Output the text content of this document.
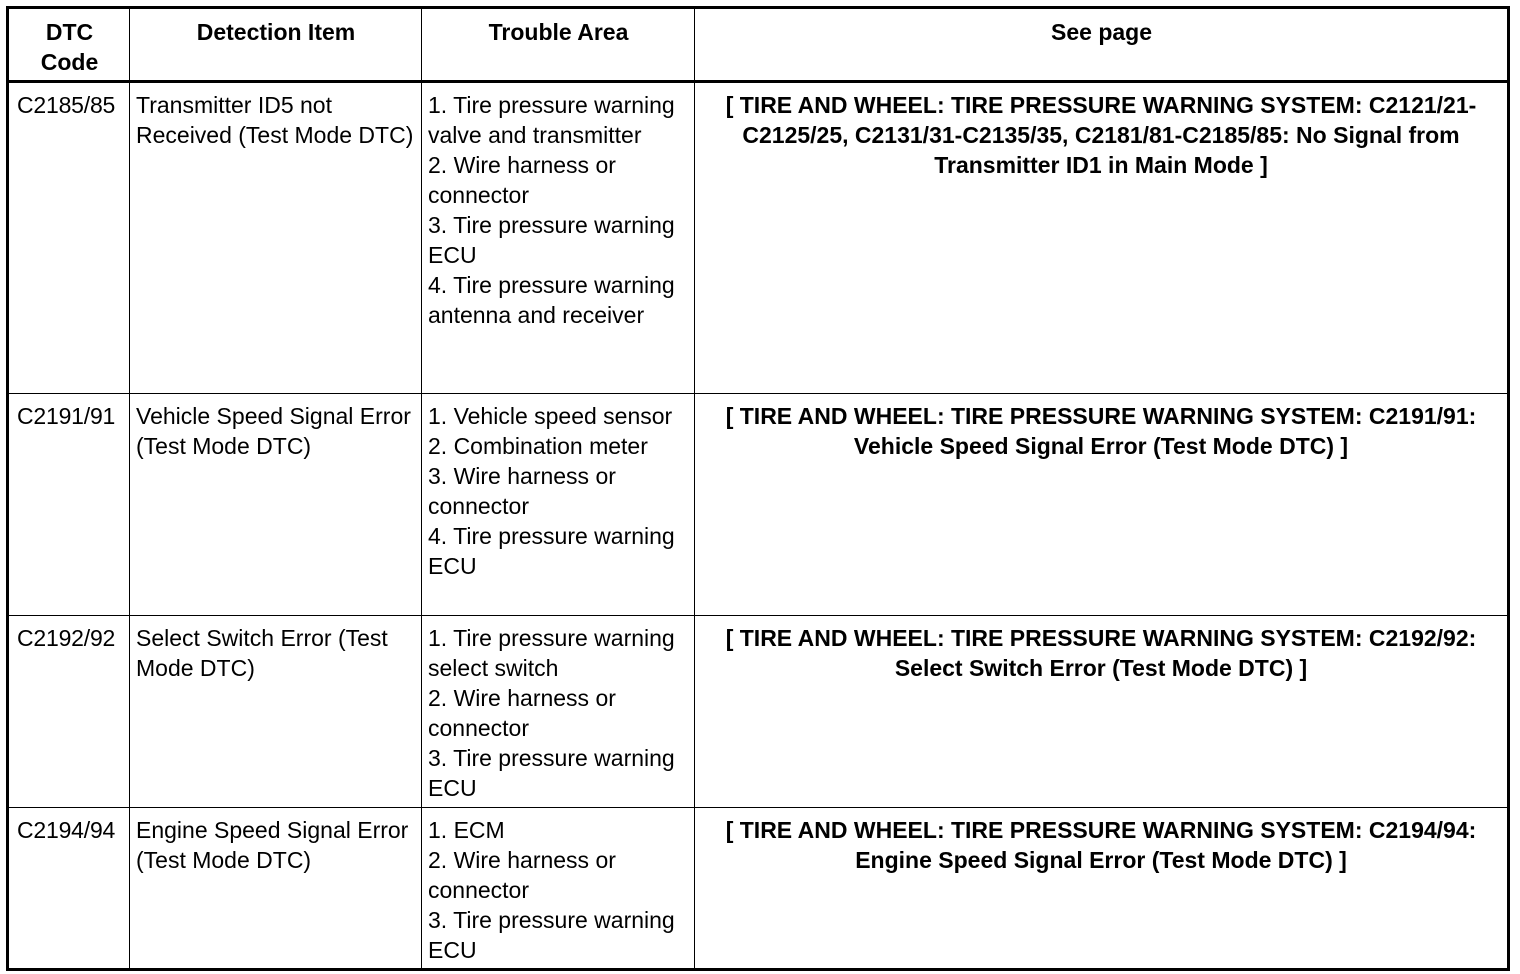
DTC Code	Detection Item	Trouble Area	See page
C2185/85	Transmitter ID5 not Received (Test Mode DTC)	1. Tire pressure warning valve and transmitter
2. Wire harness or connector
3. Tire pressure warning ECU
4. Tire pressure warning antenna and receiver	[ TIRE AND WHEEL: TIRE PRESSURE WARNING SYSTEM: C2121/21-C2125/25, C2131/31-C2135/35, C2181/81-C2185/85: No Signal from Transmitter ID1 in Main Mode ]
C2191/91	Vehicle Speed Signal Error (Test Mode DTC)	1. Vehicle speed sensor
2. Combination meter
3. Wire harness or connector
4. Tire pressure warning ECU	[ TIRE AND WHEEL: TIRE PRESSURE WARNING SYSTEM: C2191/91: Vehicle Speed Signal Error (Test Mode DTC) ]
C2192/92	Select Switch Error (Test Mode DTC)	1. Tire pressure warning select switch
2. Wire harness or connector
3. Tire pressure warning ECU	[ TIRE AND WHEEL: TIRE PRESSURE WARNING SYSTEM: C2192/92: Select Switch Error (Test Mode DTC) ]
C2194/94	Engine Speed Signal Error (Test Mode DTC)	1. ECM
2. Wire harness or connector
3. Tire pressure warning ECU	[ TIRE AND WHEEL: TIRE PRESSURE WARNING SYSTEM: C2194/94: Engine Speed Signal Error (Test Mode DTC) ]
